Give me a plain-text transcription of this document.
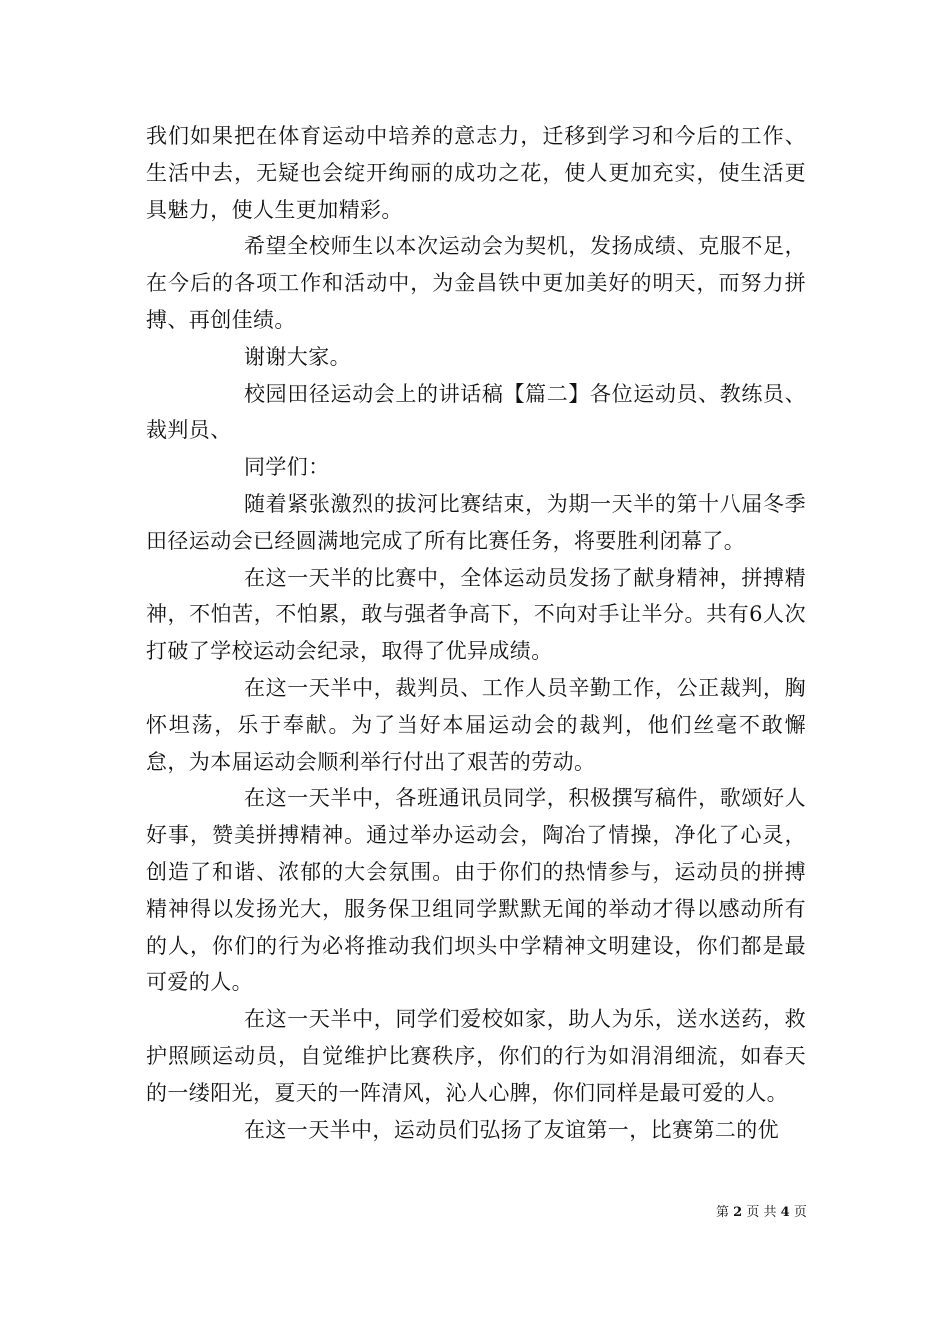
我们如果把在体育运动中培养的意志力，迁移到学习和今后的工作、生活中去，无疑也会绽开绚丽的成功之花，使人更加充实，使生活更具魅力，使人生更加精彩。

希望全校师生以本次运动会为契机，发扬成绩、克服不足，在今后的各项工作和活动中，为金昌铁中更加美好的明天，而努力拼搏、再创佳绩。

谢谢大家。

校园田径运动会上的讲话稿【篇二】各位运动员、教练员、裁判员、

同学们：

随着紧张激烈的拔河比赛结束，为期一天半的第十八届冬季田径运动会已经圆满地完成了所有比赛任务，将要胜利闭幕了。

在这一天半的比赛中，全体运动员发扬了献身精神，拼搏精神，不怕苦，不怕累，敢与强者争高下，不向对手让半分。共有6人次打破了学校运动会纪录，取得了优异成绩。

在这一天半中，裁判员、工作人员辛勤工作，公正裁判，胸怀坦荡，乐于奉献。为了当好本届运动会的裁判，他们丝毫不敢懈怠，为本届运动会顺利举行付出了艰苦的劳动。

在这一天半中，各班通讯员同学，积极撰写稿件，歌颂好人好事，赞美拼搏精神。通过举办运动会，陶冶了情操，净化了心灵，创造了和谐、浓郁的大会氛围。由于你们的热情参与，运动员的拼搏精神得以发扬光大，服务保卫组同学默默无闻的举动才得以感动所有的人，你们的行为必将推动我们坝头中学精神文明建设，你们都是最可爱的人。

在这一天半中，同学们爱校如家，助人为乐，送水送药，救护照顾运动员，自觉维护比赛秩序，你们的行为如涓涓细流，如春天的一缕阳光，夏天的一阵清风，沁人心脾，你们同样是最可爱的人。

在这一天半中，运动员们弘扬了友谊第一，比赛第二的优

第 2 页 共 4 页
